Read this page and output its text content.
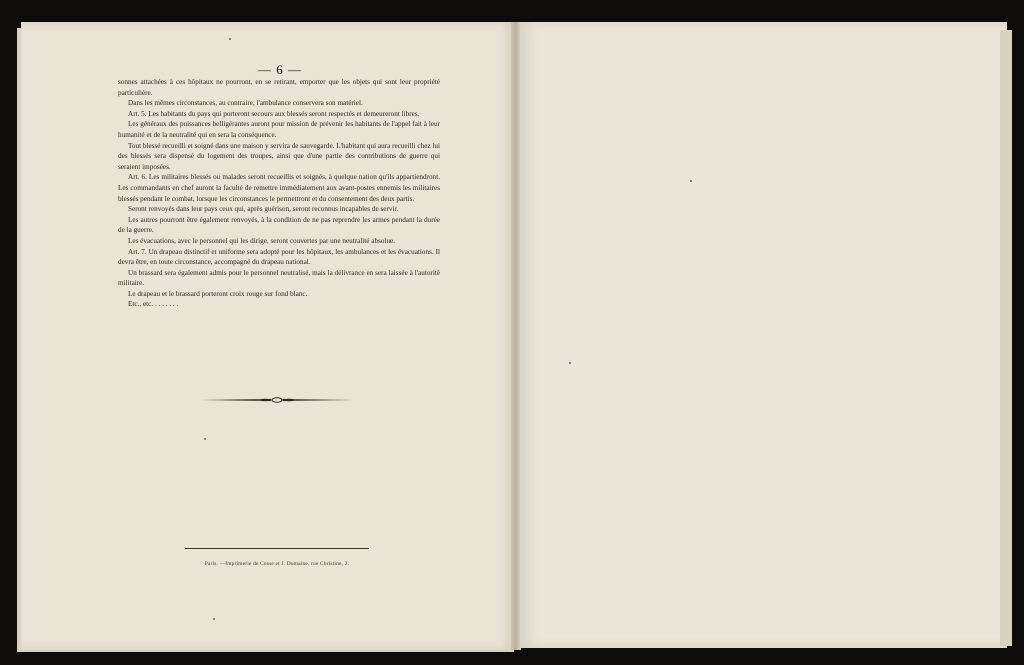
— 6 —

sonnes attachées à ces hôpitaux ne pourront, en se retirant, emporter que les objets qui sont leur propriété particulière.

Dans les mêmes circonstances, au contraire, l'ambulance conservera son matériel.

Art. 5. Les habitants du pays qui porteront secours aux blessés seront respectés et demeureront libres.

Les généraux des puissances belligérantes auront pour mission de prévenir les habitants de l'appel fait à leur humanité et de la neutralité qui en sera la conséquence.

Tout blessé recueilli et soigné dans une maison y servira de sauvegarde. L'habitant qui aura recueilli chez lui des blessés sera dispensé du logement des troupes, ainsi que d'une partie des contributions de guerre qui seraient imposées.

Art. 6. Les militaires blessés ou malades seront recueillis et soignés, à quelque nation qu'ils appartiendront. Les commandants en chef auront la faculté de remettre immédiatement aux avant-postes ennemis les militaires blessés pendant le combat, lorsque les circonstances le permettront et du consentement des deux partis.

Seront renvoyés dans leur pays ceux qui, après guérison, seront reconnus incapables de servir.

Les autres pourront être également renvoyés, à la condition de ne pas reprendre les armes pendant la durée de la guerre.

Les évacuations, avec le personnel qui les dirige, seront couvertes par une neutralité absolue.

Art. 7. Un drapeau distinctif et uniforme sera adopté pour les hôpitaux, les ambulances et les évacuations. Il devra être, en toute circonstance, accompagné du drapeau national.

Un brassard sera également admis pour le personnel neutralisé, mais la délivrance en sera laissée à l'autorité militaire.

Le drapeau et le brassard porteront croix rouge sur fond blanc.

Etc., etc. . . . . . . .

Paris. —Imprimerie de Cosse et J. Dumaine, rue Christine, 2.
